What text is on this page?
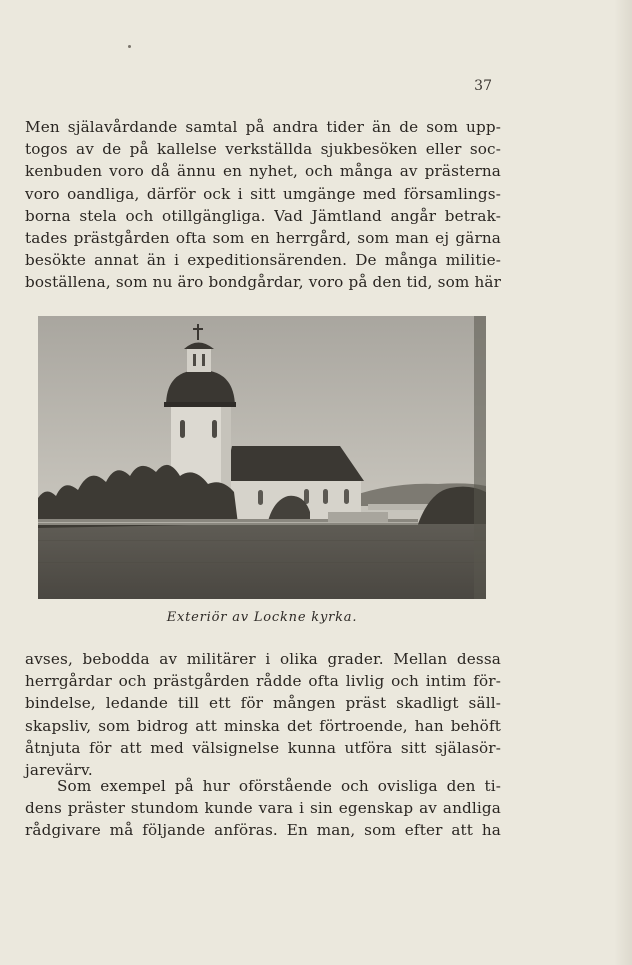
37
Men själavårdande samtal på andra tider än de som upp-
togos av de på kallelse verkställda sjukbesöken eller soc-
kenbuden voro då ännu en nyhet, och många av prästerna
voro oandliga, därför ock i sitt umgänge med församlings-
borna stela och otillgängliga. Vad Jämtland angår betrak-
tades prästgården ofta som en herrgård, som man ej gärna
besökte annat än i expeditionsärenden. De många militie-
boställena, som nu äro bondgårdar, voro på den tid, som här
Exteriör av Lockne kyrka.
avses, bebodda av militärer i olika grader. Mellan dessa
herrgårdar och prästgården rådde ofta livlig och intim för-
bindelse, ledande till ett för mången präst skadligt säll-
skapsliv, som bidrog att minska det förtroende, han behöft
åtnjuta för att med välsignelse kunna utföra sitt själasör-
jarevärv.
Som exempel på hur oförstående och ovisliga den ti-
dens präster stundom kunde vara i sin egenskap av andliga
rådgivare må följande anföras. En man, som efter att ha
